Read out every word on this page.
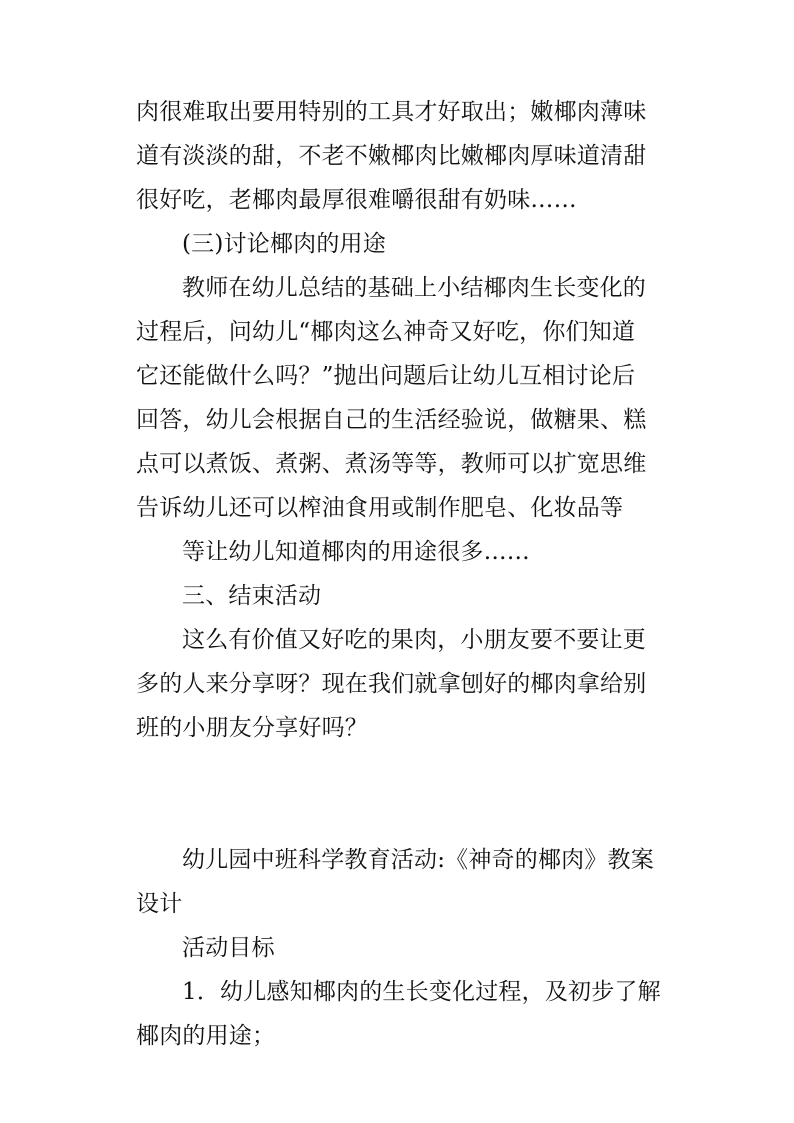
肉很难取出要用特别的工具才好取出；嫩椰肉薄味
道有淡淡的甜，不老不嫩椰肉比嫩椰肉厚味道清甜
很好吃，老椰肉最厚很难嚼很甜有奶味……
(三)讨论椰肉的用途
教师在幼儿总结的基础上小结椰肉生长变化的
过程后，问幼儿“椰肉这么神奇又好吃，你们知道
它还能做什么吗？”抛出问题后让幼儿互相讨论后
回答，幼儿会根据自己的生活经验说，做糖果、糕
点可以煮饭、煮粥、煮汤等等，教师可以扩宽思维
告诉幼儿还可以榨油食用或制作肥皂、化妆品等
等让幼儿知道椰肉的用途很多……
三、结束活动
这么有价值又好吃的果肉，小朋友要不要让更
多的人来分享呀？现在我们就拿刨好的椰肉拿给别
班的小朋友分享好吗？
幼儿园中班科学教育活动:《神奇的椰肉》教案
设计
活动目标
1．幼儿感知椰肉的生长变化过程，及初步了解
椰肉的用途；
